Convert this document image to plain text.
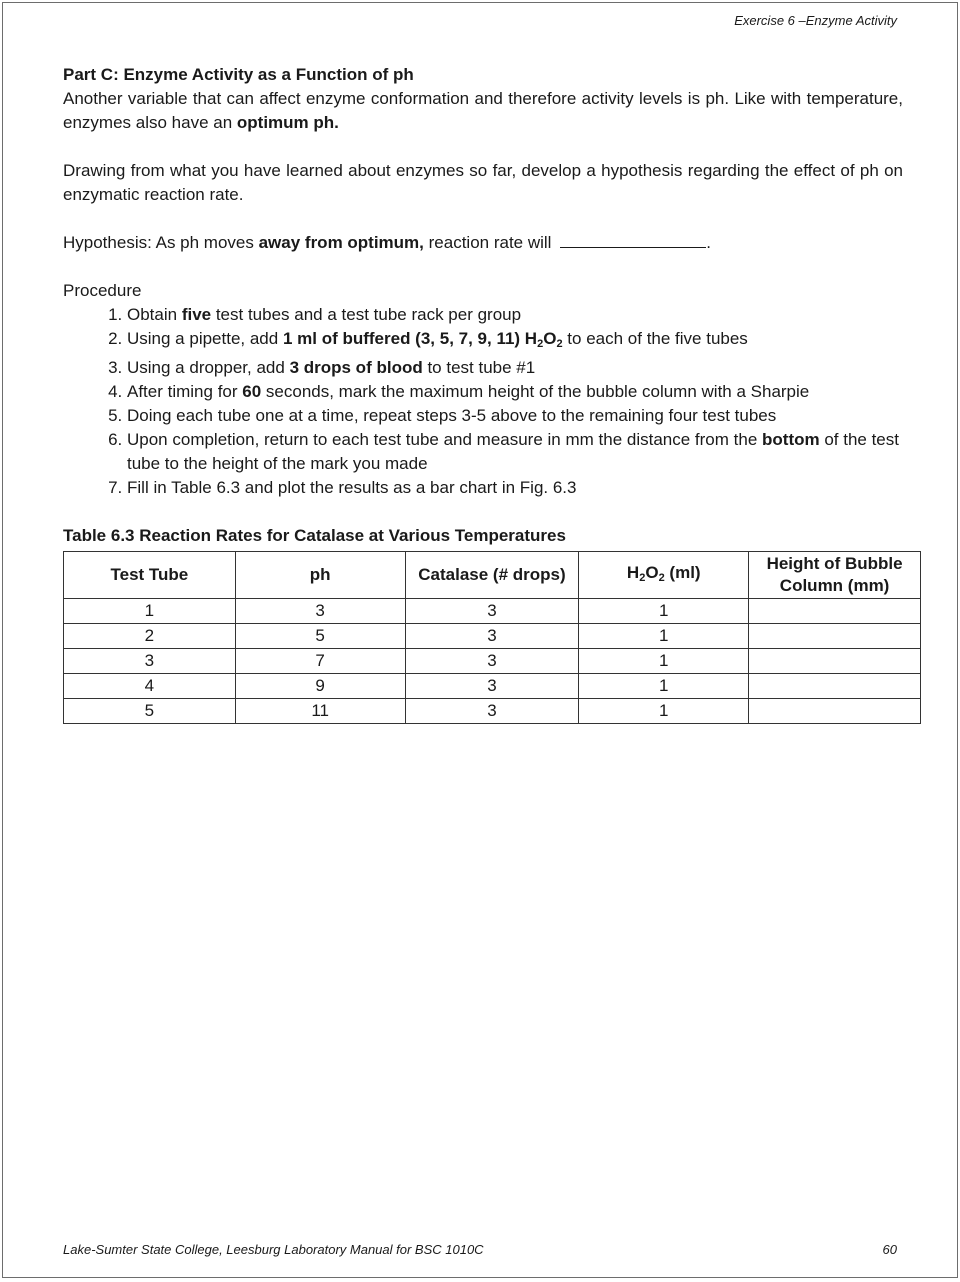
Exercise 6 –Enzyme Activity

Part C: Enzyme Activity as a Function of ph

Another variable that can affect enzyme conformation and therefore activity levels is ph. Like with temperature, enzymes also have an optimum ph.

Drawing from what you have learned about enzymes so far, develop a hypothesis regarding the effect of ph on enzymatic reaction rate.

Hypothesis: As ph moves away from optimum, reaction rate will	.

Procedure

1. Obtain five test tubes and a test tube rack per group
2. Using a pipette, add 1 ml of buffered (3, 5, 7, 9, 11) $H_2O_2$ to each of the five tubes
3. Using a dropper, add 3 drops of blood to test tube #1
4. After timing for 60 seconds, mark the maximum height of the bubble column with a Sharpie
5. Doing each tube one at a time, repeat steps 3-5 above to the remaining four test tubes
6. Upon completion, return to each test tube and measure in mm the distance from the bottom of the test tube to the height of the mark you made
7. Fill in Table 6.3 and plot the results as a bar chart in Fig. 6.3
Table 6.3 Reaction Rates for Catalase at Various Temperatures
Test Tube	ph	Catalase (# drops)	$H_2O_2$ (ml)	Height of Bubble
Column (mm)
1	3	3	1	
2	5	3	1	
3	7	3	1	
4	9	3	1	
5	11	3	1	
Lake-Sumter State College, Leesburg Laboratory Manual for BSC 1010C	60
